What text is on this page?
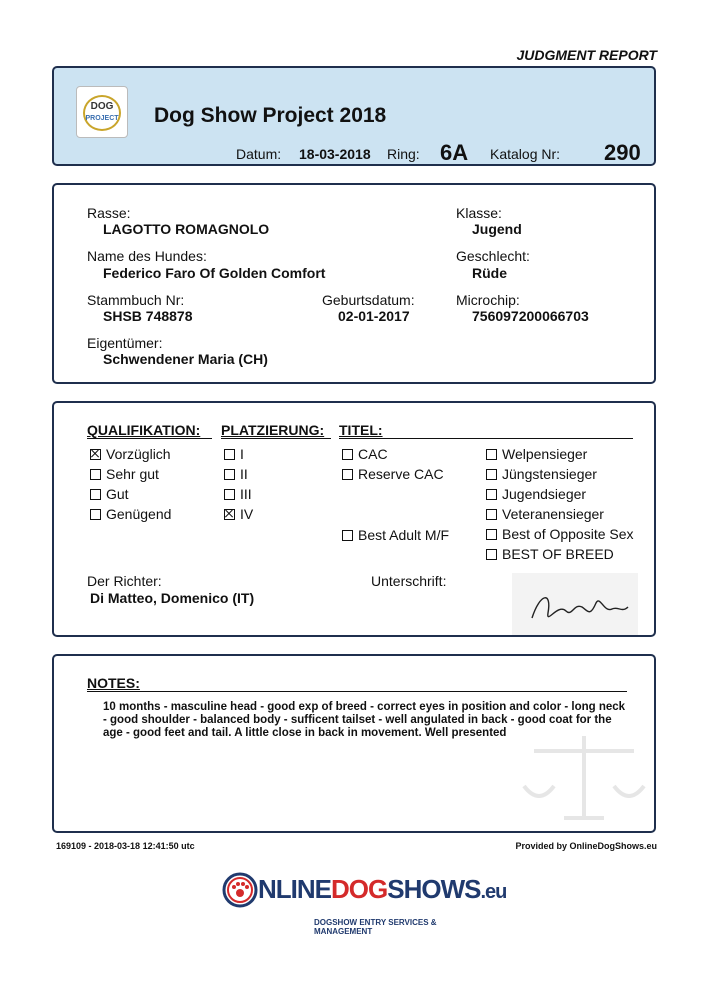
JUDGMENT REPORT
DOG
PROJECT Dog Show Project 2018
Datum: 18-03-2018 Ring: 6A Katalog Nr: 290
Rasse:
LAGOTTO ROMAGNOLO
Klasse:
Jugend
Name des Hundes:
Federico Faro Of Golden Comfort
Geschlecht:
Rüde
Stammbuch Nr:
SHSB 748878
Geburtsdatum:
02-01-2017
Microchip:
756097200066703
Eigentümer:
Schwendener Maria (CH)
QUALIFIKATION: PLATZIERUNG: TITEL:
Vorzüglich
Sehr gut
Gut
Genügend
I
II
III
IV
CAC
Reserve CAC
Best Adult M/F
Welpensieger
Jüngstensieger
Jugendsieger
Veteranensieger
Best of Opposite Sex
BEST OF BREED
Der Richter:
Di Matteo, Domenico (IT)
Unterschrift:
NOTES:
10 months - masculine head - good exp of breed - correct eyes in position and color - long neck - good shoulder - balanced body - sufficent tailset - well angulated in back - good coat for the age - good feet and tail. A little close in back in movement. Well presented
169109 - 2018-03-18 12:41:50 utc	Provided by OnlineDogShows.eu
NLINEDOGSHOWS.eu
DOGSHOW ENTRY SERVICES & MANAGEMENT
